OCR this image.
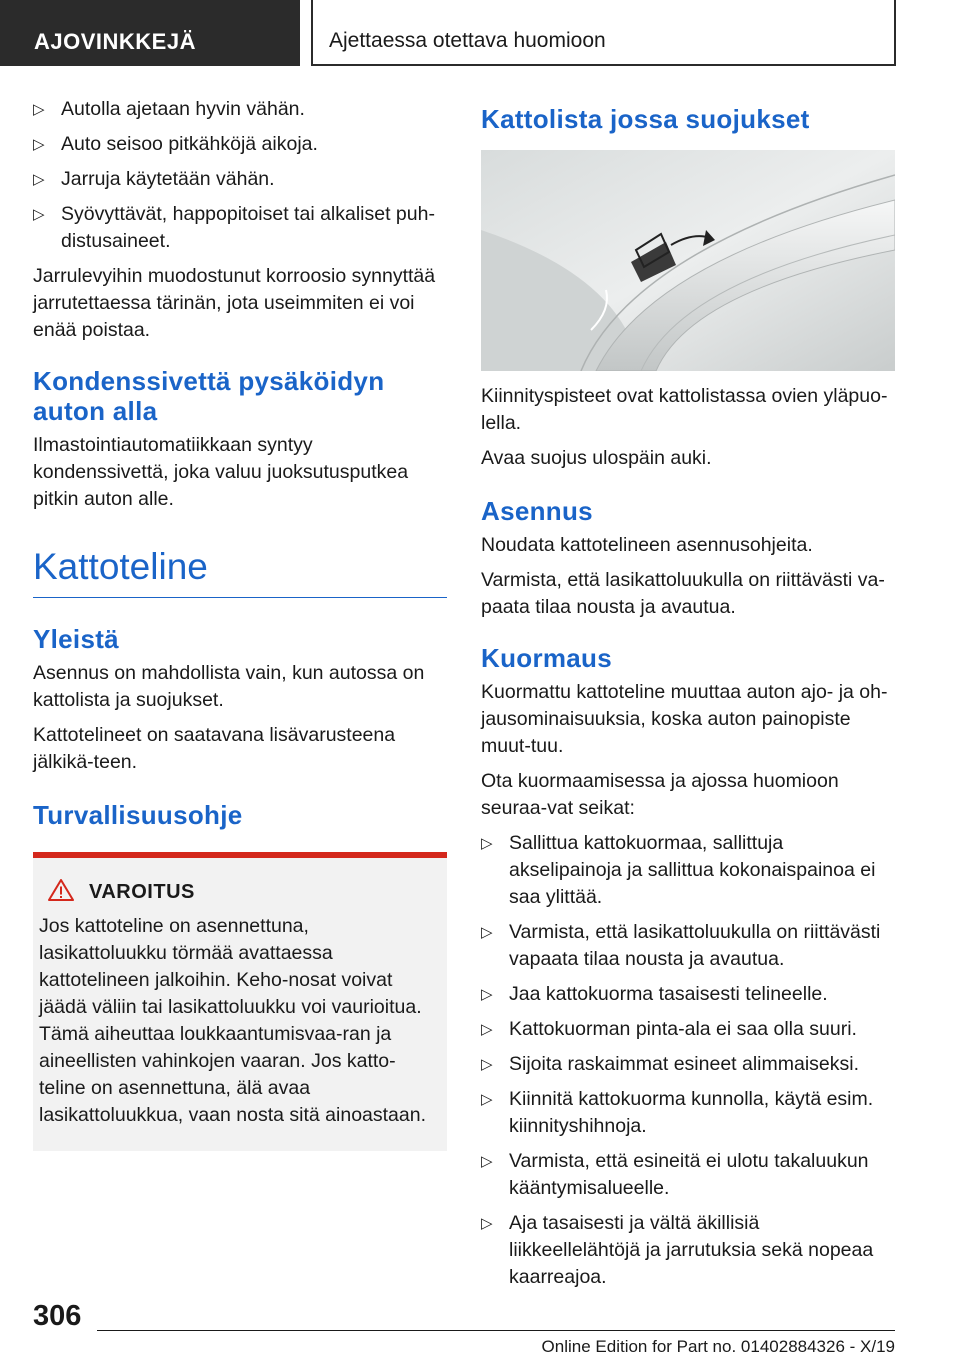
AJOVINKKEJÄ	Ajettaessa otettava huomioon
▷ Autolla ajetaan hyvin vähän.
▷ Auto seisoo pitkähköjä aikoja.
▷ Jarruja käytetään vähän.
▷ Syövyttävät, happopitoiset tai alkaliset puh-distusaineet.

Jarrulevyihin muodostunut korroosio synnyttää jarrutettaessa tärinän, jota useimmiten ei voi enää poistaa.

Kondenssivettä pysäköidyn auton alla

Ilmastointiautomatiikkaan syntyy kondenssivettä, joka valuu juoksutusputkea pitkin auton alle.

Kattoteline
Yleistä

Asennus on mahdollista vain, kun autossa on kattolista ja suojukset.

Kattotelineet on saatavana lisävarusteena jälkikä-teen.

Turvallisuusohje
VAROITUS

Jos kattoteline on asennettuna, lasikattoluukku törmää avattaessa kattotelineen jalkoihin. Keho-nosat voivat jäädä väliin tai lasikattoluukku voi vaurioitua. Tämä aiheuttaa loukkaantumisvaa-ran ja aineellisten vahinkojen vaaran. Jos katto-teline on asennettuna, älä avaa lasikattoluukkua, vaan nosta sitä ainoastaan.

Kattolista jossa suojukset

Kiinnityspisteet ovat kattolistassa ovien yläpuo-lella.

Avaa suojus ulospäin auki.

Asennus

Noudata kattotelineen asennusohjeita.

Varmista, että lasikattoluukulla on riittävästi va-paata tilaa nousta ja avautua.

Kuormaus

Kuormattu kattoteline muuttaa auton ajo- ja oh-jausominaisuuksia, koska auton painopiste muut-tuu.

Ota kuormaamisessa ja ajossa huomioon seuraa-vat seikat:

▷ Sallittua kattokuormaa, sallittuja akselipainoja ja sallittua kokonaispainoa ei saa ylittää.
▷ Varmista, että lasikattoluukulla on riittävästi vapaata tilaa nousta ja avautua.
▷ Jaa kattokuorma tasaisesti telineelle.
▷ Kattokuorman pinta-ala ei saa olla suuri.
▷ Sijoita raskaimmat esineet alimmaiseksi.
▷ Kiinnitä kattokuorma kunnolla, käytä esim. kiinnityshihnoja.
▷ Varmista, että esineitä ei ulotu takaluukun kääntymisalueelle.
▷ Aja tasaisesti ja vältä äkillisiä liikkeellelähtöjä ja jarrutuksia sekä nopeaa kaarreajoa.
306
Online Edition for Part no. 01402884326 - X/19
